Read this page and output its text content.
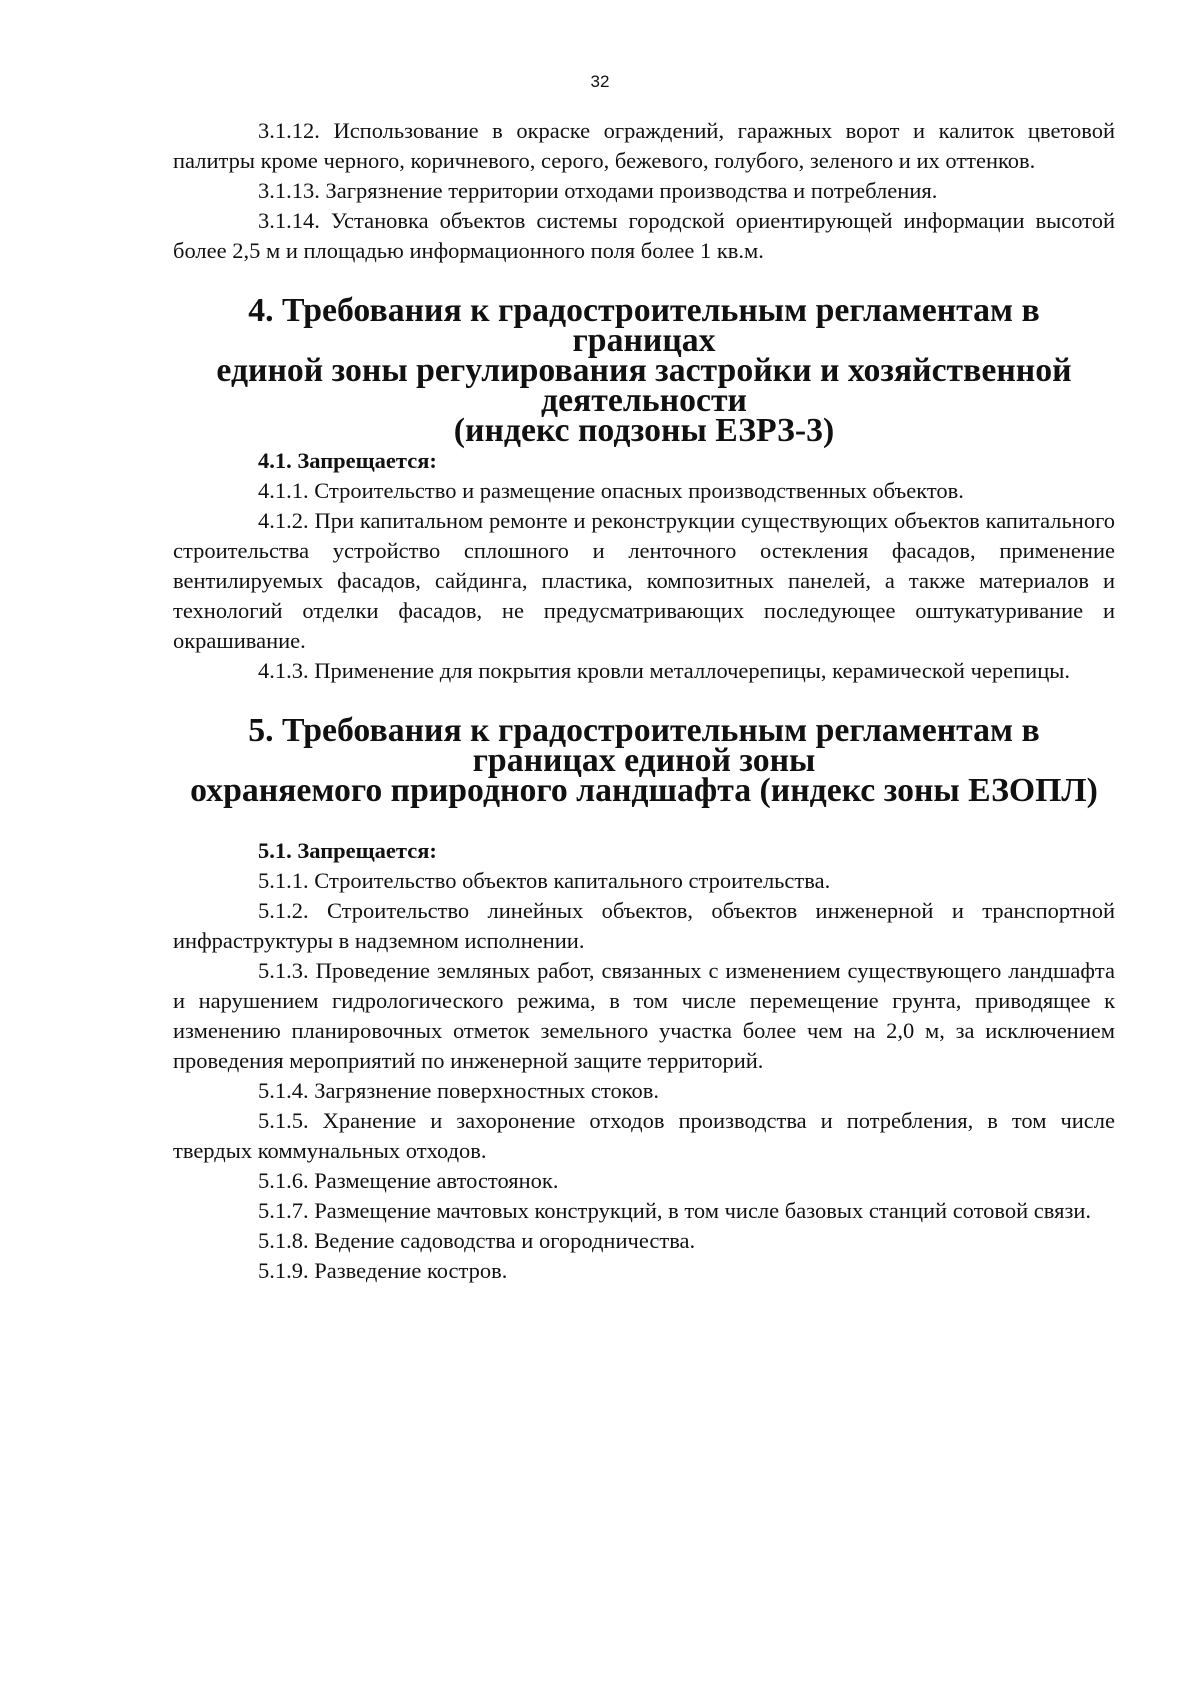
32

3.1.12. Использование в окраске ограждений, гаражных ворот и калиток цветовой палитры кроме черного, коричневого, серого, бежевого, голубого, зеленого и их оттенков.

3.1.13. Загрязнение территории отходами производства и потребления.

3.1.14. Установка объектов системы городской ориентирующей информации высотой более 2,5 м и площадью информационного поля более 1 кв.м.

4. Требования к градостроительным регламентам в границах
единой зоны регулирования застройки и хозяйственной деятельности
(индекс подзоны ЕЗРЗ-3)

4.1. Запрещается:

4.1.1. Строительство и размещение опасных производственных объектов.

4.1.2. При капитальном ремонте и реконструкции существующих объектов капитального строительства устройство сплошного и ленточного остекления фасадов, применение вентилируемых фасадов, сайдинга, пластика, композитных панелей, а также материалов и технологий отделки фасадов, не предусматривающих последующее оштукатуривание и окрашивание.

4.1.3. Применение для покрытия кровли металлочерепицы, керамической черепицы.

5. Требования к градостроительным регламентам в границах единой зоны
охраняемого природного ландшафта (индекс зоны ЕЗОПЛ)

5.1. Запрещается:

5.1.1. Строительство объектов капитального строительства.

5.1.2. Строительство линейных объектов, объектов инженерной и транспортной инфраструктуры в надземном исполнении.

5.1.3. Проведение земляных работ, связанных с изменением существующего ландшафта и нарушением гидрологического режима, в том числе перемещение грунта, приводящее к изменению планировочных отметок земельного участка более чем на 2,0 м, за исключением проведения мероприятий по инженерной защите территорий.

5.1.4. Загрязнение поверхностных стоков.

5.1.5. Хранение и захоронение отходов производства и потребления, в том числе твердых коммунальных отходов.

5.1.6. Размещение автостоянок.

5.1.7. Размещение мачтовых конструкций, в том числе базовых станций сотовой связи.

5.1.8. Ведение садоводства и огородничества.

5.1.9. Разведение костров.
